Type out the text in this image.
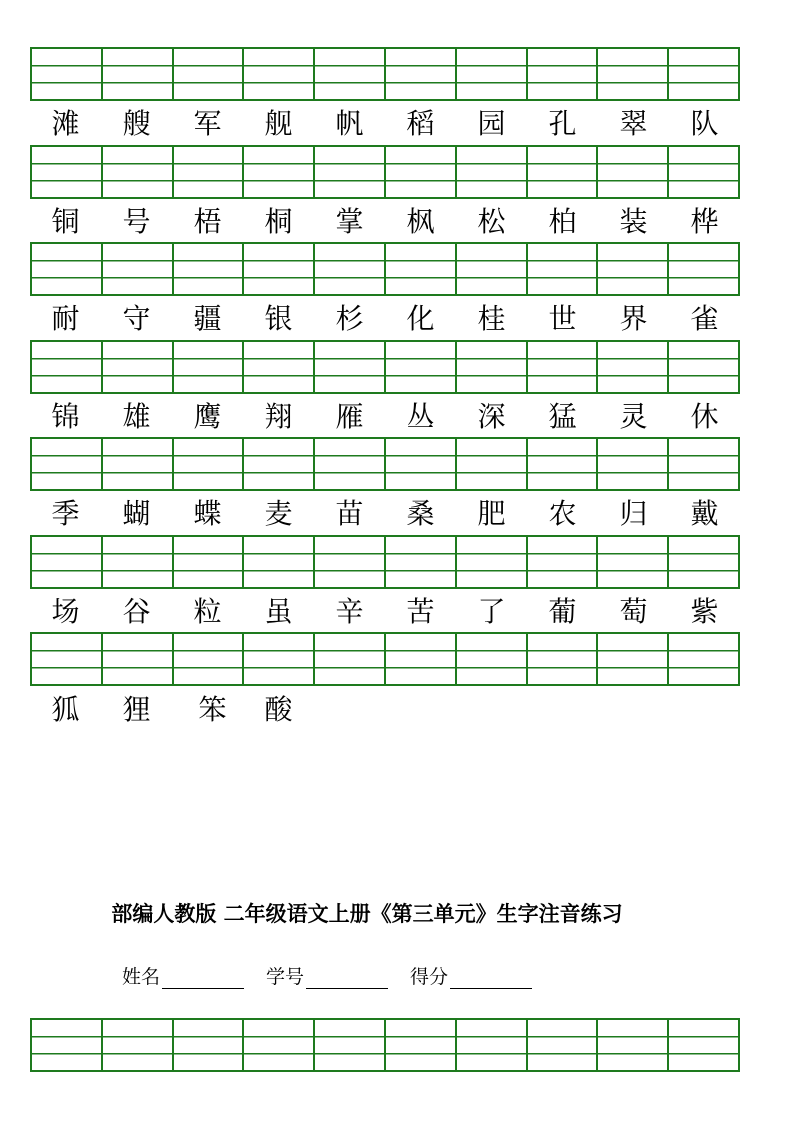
滩	艘	军	舰	帆	稻	园	孔	翠	队
铜	号	梧	桐	掌	枫	松	柏	装	桦
耐	守	疆	银	杉	化	桂	世	界	雀
锦	雄	鹰	翔	雁	丛	深	猛	灵	休
季	蝴	蝶	麦	苗	桑	肥	农	归	戴
场	谷	粒	虽	辛	苦	了	葡	萄	紫
狐	狸	笨	酸
部编人教版 二年级语文上册《第三单元》生字注音练习
姓名	学号	得分
